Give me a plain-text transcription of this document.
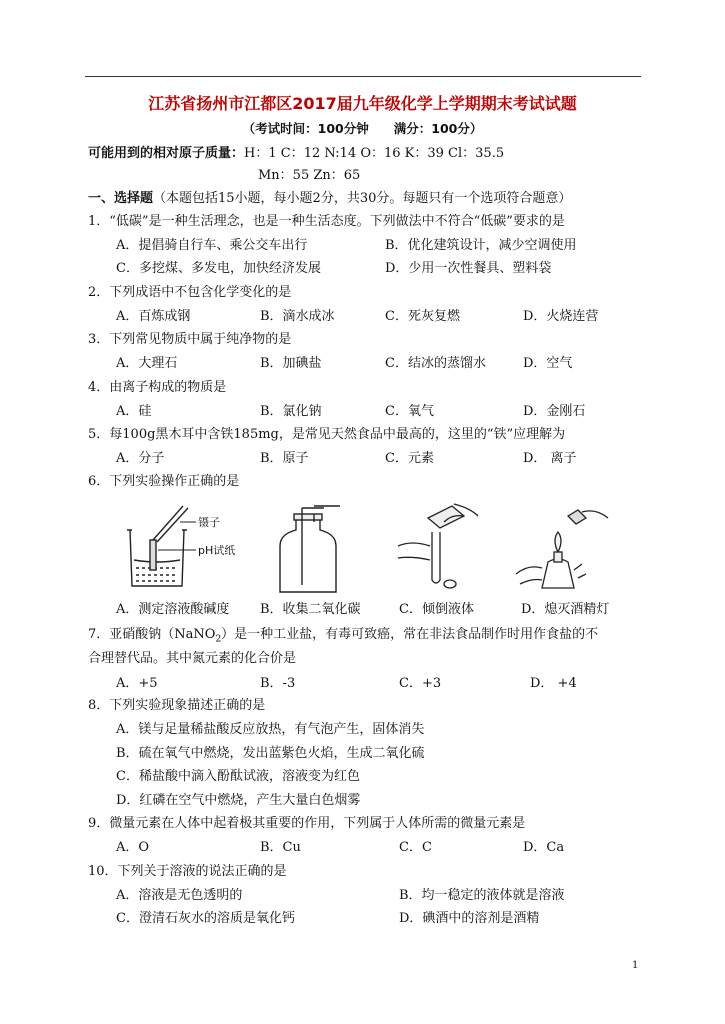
江苏省扬州市江都区2017届九年级化学上学期期末考试试题
（考试时间：100分钟　　满分：100分）
可能用到的相对原子质量：H：1 C：12 N:14 O：16 K：39 Cl：35.5
Mn：55 Zn：65
一、选择题（本题包括15小题，每小题2分，共30分。每题只有一个选项符合题意）
1．“低碳”是一种生活理念，也是一种生活态度。下列做法中不符合“低碳”要求的是
A．提倡骑自行车、乘公交车出行	B．优化建筑设计，减少空调使用
C．多挖煤、多发电，加快经济发展	D．少用一次性餐具、塑料袋
2．下列成语中不包含化学变化的是
A．百炼成钢	B．滴水成冰	C．死灰复燃	D．火烧连营
3．下列常见物质中属于纯净物的是
A．大理石	B．加碘盐	C．结冰的蒸馏水	D．空气
4．由离子构成的物质是
A．硅	B．氯化钠	C．氧气	D．金刚石
5．每100g黑木耳中含铁185mg，是常见天然食品中最高的，这里的“铁”应理解为
A．分子	B．原子	C．元素	D． 离子
6．下列实验操作正确的是
镊子
pH试纸
A．测定溶液酸碱度 B．收集二氧化碳	C．倾倒液体	D．熄灭酒精灯
7．亚硝酸钠（NaNO$_2$）是一种工业盐，有毒可致癌，常在非法食品制作时用作食盐的不
合理替代品。其中氮元素的化合价是
A．+5	B．-3	C．+3	D． +4
8．下列实验现象描述正确的是
A．镁与足量稀盐酸反应放热，有气泡产生，固体消失
B．硫在氧气中燃烧，发出蓝紫色火焰，生成二氧化硫
C．稀盐酸中滴入酚酞试液，溶液变为红色
D．红磷在空气中燃烧，产生大量白色烟雾
9．微量元素在人体中起着极其重要的作用，下列属于人体所需的微量元素是
A．O	B．Cu	C．C	D．Ca
10．下列关于溶液的说法正确的是
A．溶液是无色透明的	B．均一稳定的液体就是溶液
C．澄清石灰水的溶质是氧化钙	D．碘酒中的溶剂是酒精
1
